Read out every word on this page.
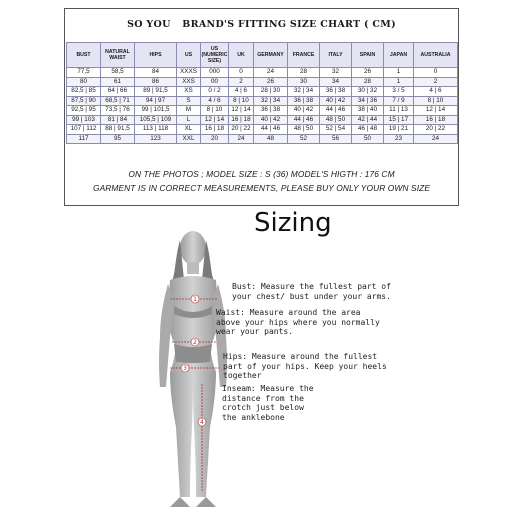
SO YOU BRAND'S FITTING SIZE CHART ( CM)
BUST	NATURAL WAIST	HIPS	US	US (NUMERIC SIZE)	UK	GERMANY	FRANCE	ITALY	SPAIN	JAPAN	AUSTRALIA
77,5	58,5	84	XXXS	000	0	24	28	32	26	1	0
80	61	86	XXS	00	2	26	30	34	28	1	2
82,5 | 85	64 | 66	89 | 91,5	XS	0 / 2	4 | 6	28 | 30	32 | 34	36 | 38	30 | 32	3 / 5	4 | 6
87,5 | 90	68,5 | 71	94 | 97	S	4 / 6	8 | 10	32 | 34	36 | 38	40 | 42	34 | 36	7 / 9	8 | 10
92,5 | 95	73,5 | 76	99 | 101,5	M	8 | 10	12 | 14	36 | 38	40 | 42	44 | 46	38 | 40	11 | 13	12 | 14
99 | 103	81 | 84	105,5 | 109	L	12 | 14	16 | 18	40 | 42	44 | 46	48 | 50	42 | 44	15 | 17	16 | 18
107 | 112	88 | 91,5	113 | 118	XL	16 | 18	20 | 22	44 | 46	48 | 50	52 | 54	46 | 48	19 | 21	20 | 22
117	95	123	XXL	20	24	48	52	56	50	23	24
ON THE PHOTOS ; MODEL SIZE : S (36) MODEL'S HIGTH : 176 CM
GARMENT IS IN CORRECT MEASUREMENTS, PLEASE BUY ONLY YOUR OWN SIZE
Sizing
1
2
3
4
Bust: Measure the fullest part of your chest/ bust under your arms.
Waist: Measure around the area above your hips where you normally wear your pants.
Hips: Measure around the fullest part of your hips. Keep your heels together
Inseam: Measure the distance from the crotch just below the anklebone
